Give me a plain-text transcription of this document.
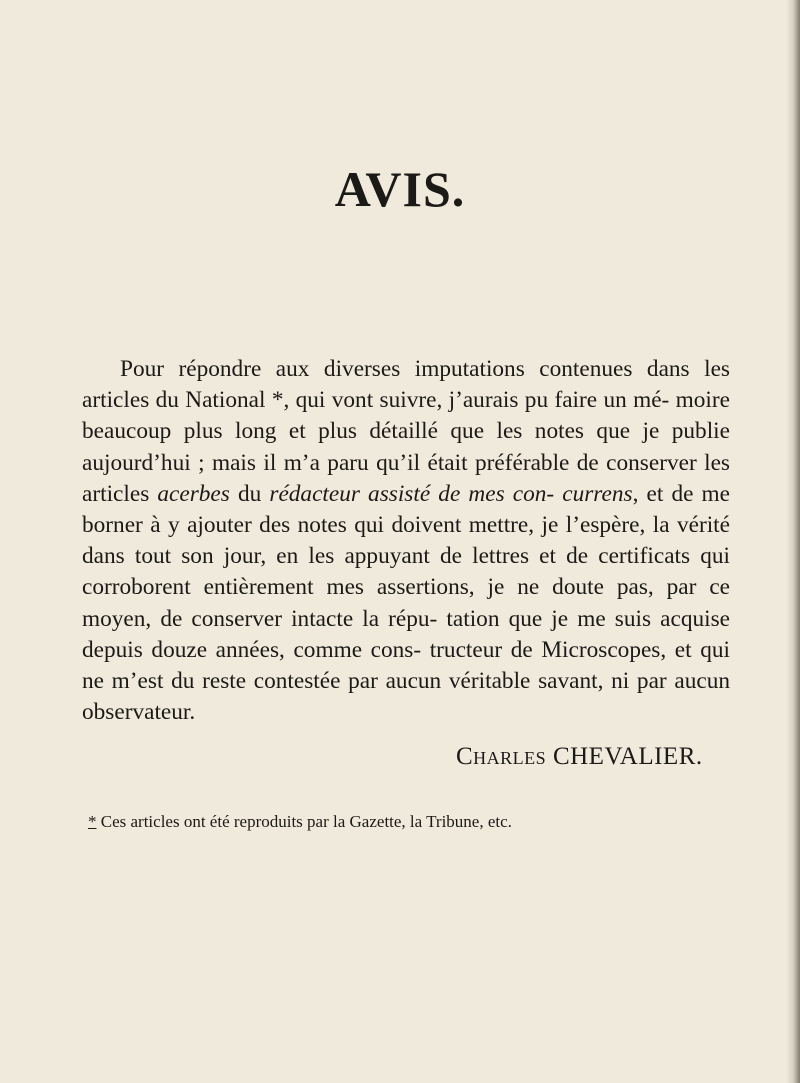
AVIS.

Pour répondre aux diverses imputations contenues dans les articles du National *, qui vont suivre, j’aurais pu faire un mé- moire beaucoup plus long et plus détaillé que les notes que je publie aujourd’hui ; mais il m’a paru qu’il était préférable de conserver les articles acerbes du rédacteur assisté de mes con- currens, et de me borner à y ajouter des notes qui doivent mettre, je l’espère, la vérité dans tout son jour, en les appuyant de lettres et de certificats qui corroborent entièrement mes assertions, je ne doute pas, par ce moyen, de conserver intacte la répu- tation que je me suis acquise depuis douze années, comme cons- tructeur de Microscopes, et qui ne m’est du reste contestée par aucun véritable savant, ni par aucun observateur.

Charles CHEVALIER.

* Ces articles ont été reproduits par la Gazette, la Tribune, etc.
